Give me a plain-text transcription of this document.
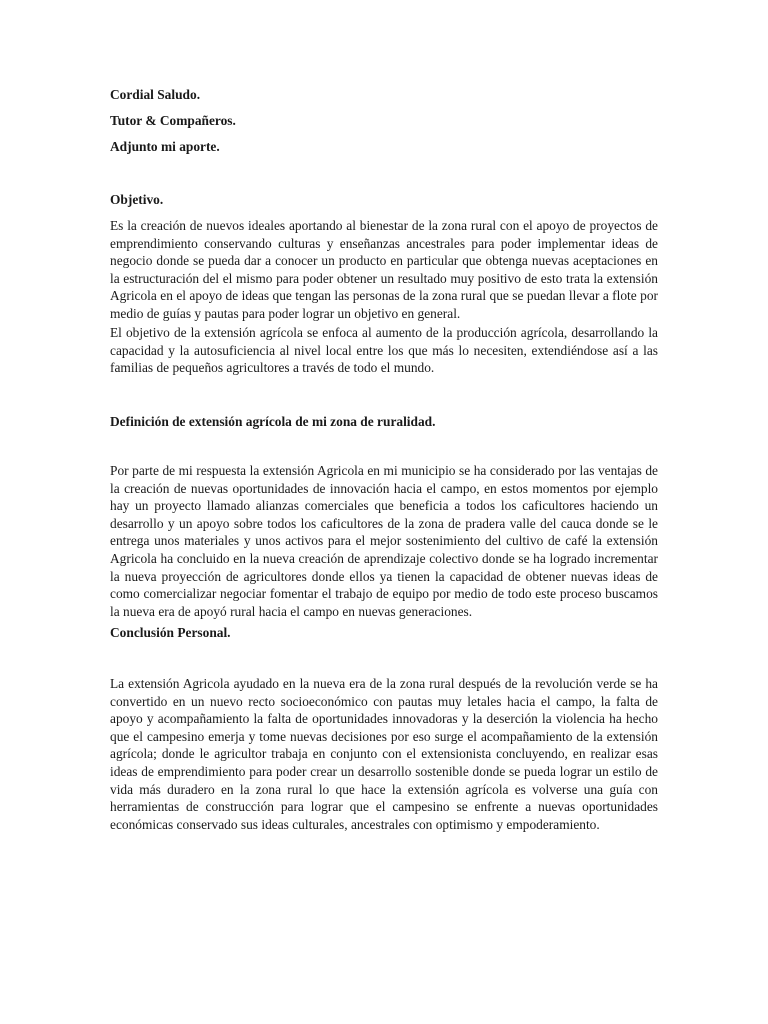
Cordial Saludo.

Tutor & Compañeros.

Adjunto mi aporte.

Objetivo.

Es la creación de nuevos ideales aportando al bienestar de la zona rural con el apoyo de proyectos de emprendimiento conservando culturas y enseñanzas ancestrales para poder implementar ideas de negocio donde se pueda dar a conocer un producto en particular que obtenga nuevas aceptaciones en la estructuración del el mismo para poder obtener un resultado muy positivo de esto trata la extensión Agricola en el apoyo de ideas que tengan las personas de la zona rural que se puedan llevar a flote por medio de guías y pautas para poder lograr un objetivo en general.

El objetivo de la extensión agrícola se enfoca al aumento de la producción agrícola, desarrollando la capacidad y la autosuficiencia al nivel local entre los que más lo necesiten, extendiéndose así a las familias de pequeños agricultores a través de todo el mundo.

Definición de extensión agrícola de mi zona de ruralidad.

Por parte de mi respuesta la extensión Agricola en mi municipio se ha considerado por las ventajas de la creación de nuevas oportunidades de innovación hacia el campo, en estos momentos por ejemplo hay un proyecto llamado alianzas comerciales que beneficia a todos los caficultores haciendo un desarrollo y un apoyo sobre todos los caficultores de la zona de pradera valle del cauca donde se le entrega unos materiales y unos activos para el mejor sostenimiento del cultivo de café la extensión Agricola ha concluido en la nueva creación de aprendizaje colectivo donde se ha logrado incrementar la nueva proyección de agricultores donde ellos ya tienen la capacidad de obtener nuevas ideas de como comercializar negociar fomentar el trabajo de equipo por medio de todo este proceso buscamos la nueva era de apoyó rural hacia el campo en nuevas generaciones.

Conclusión Personal.

La extensión Agricola ayudado en la nueva era de la zona rural después de la revolución verde se ha convertido en un nuevo recto socioeconómico con pautas muy letales hacia el campo, la falta de apoyo y acompañamiento la falta de oportunidades innovadoras y la deserción la violencia ha hecho que el campesino emerja y tome nuevas decisiones por eso surge el acompañamiento de la extensión agrícola; donde le agricultor trabaja en conjunto con el extensionista concluyendo, en realizar esas ideas de emprendimiento para poder crear un desarrollo sostenible donde se pueda lograr un estilo de vida más duradero en la zona rural lo que hace la extensión agrícola es volverse una guía con herramientas de construcción para lograr que el campesino se enfrente a nuevas oportunidades económicas conservado sus ideas culturales, ancestrales con optimismo y empoderamiento.
